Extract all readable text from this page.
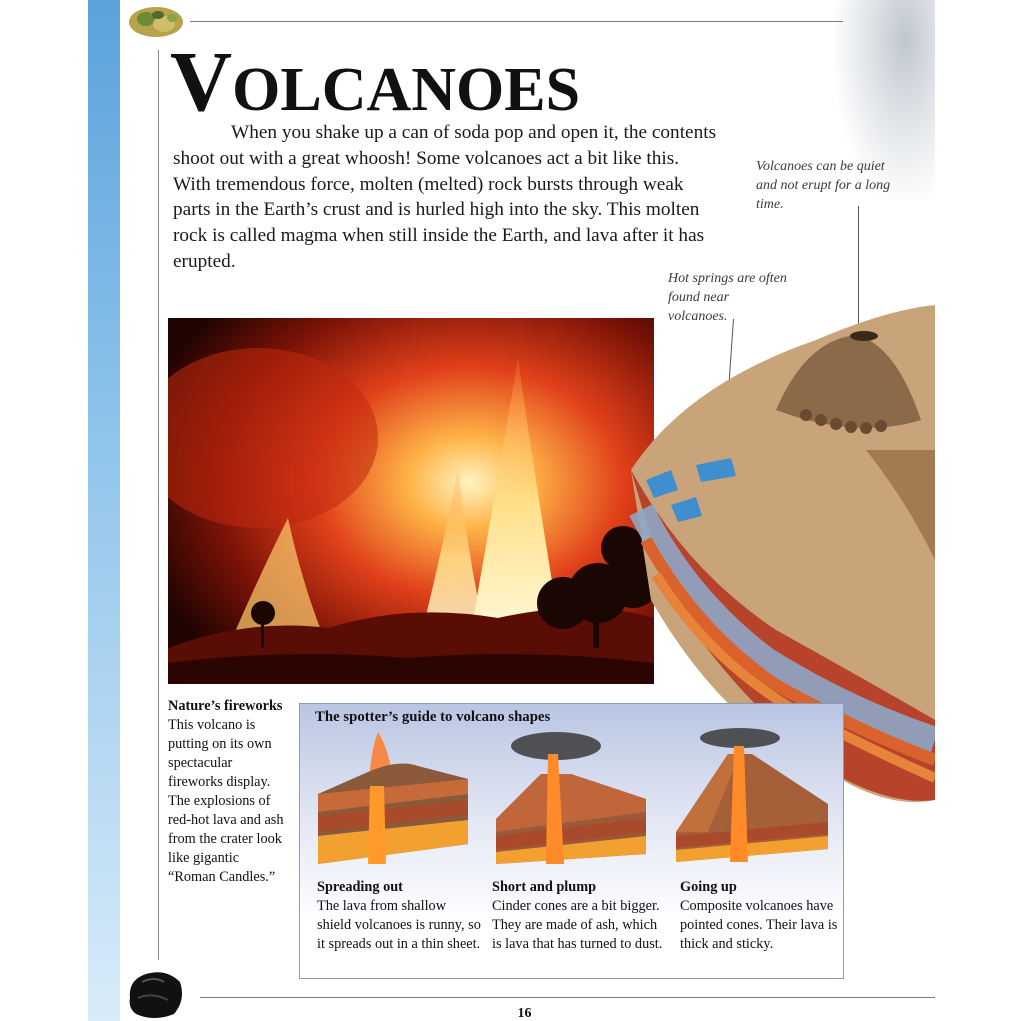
VOLCANOES

When you shake up a can of soda pop and open it, the contents shoot out with a great whoosh! Some volcanoes act a bit like this. With tremendous force, molten (melted) rock bursts through weak parts in the Earth’s crust and is hurled high into the sky. This molten rock is called magma when still inside the Earth, and lava after it has erupted.

Volcanoes can be quiet and not erupt for a long time.
Hot springs are often found near volcanoes.
Nature’s fireworks
This volcano is putting on its own spectacular fireworks display. The explosions of red-hot lava and ash from the crater look like gigantic “Roman Candles.”
The spotter’s guide to volcano shapes
Spreading out
The lava from shallow shield volcanoes is runny, so it spreads out in a thin sheet.
Short and plump
Cinder cones are a bit bigger. They are made of ash, which is lava that has turned to dust.
Going up
Composite volcanoes have pointed cones. Their lava is thick and sticky.
16
